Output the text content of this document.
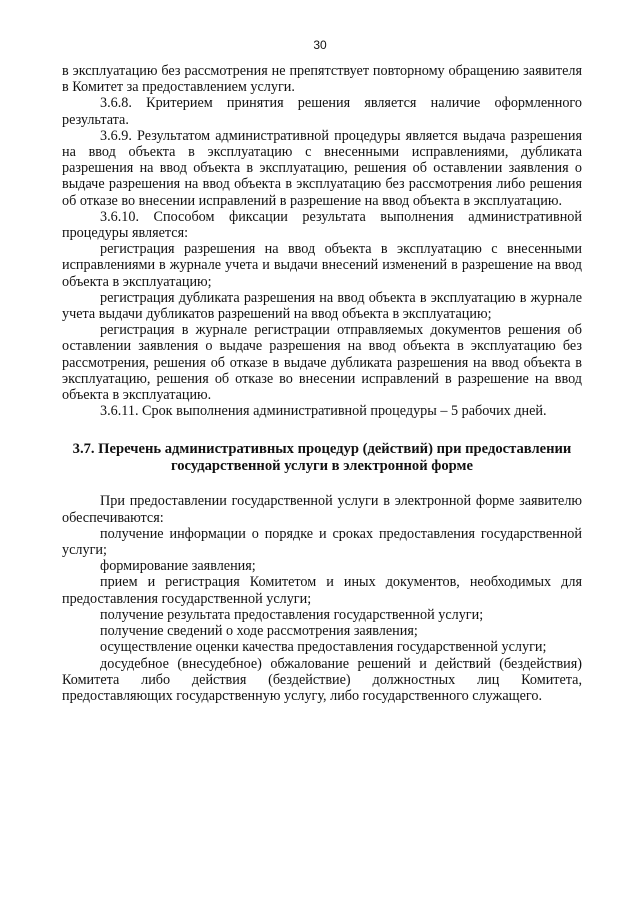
30

в эксплуатацию без рассмотрения не препятствует повторному обращению заявителя в Комитет за предоставлением услуги.

3.6.8. Критерием принятия решения является наличие оформленного результата.

3.6.9. Результатом административной процедуры является выдача разрешения на ввод объекта в эксплуатацию с внесенными исправлениями, дубликата разрешения на ввод объекта в эксплуатацию, решения об оставлении заявления о выдаче разрешения на ввод объекта в эксплуатацию без рассмотрения либо решения об отказе во внесении исправлений в разрешение на ввод объекта в эксплуатацию.

3.6.10. Способом фиксации результата выполнения административной процедуры является:

регистрация разрешения на ввод объекта в эксплуатацию с внесенными исправлениями в журнале учета и выдачи внесений изменений в разрешение на ввод объекта в эксплуатацию;

регистрация дубликата разрешения на ввод объекта в эксплуатацию в журнале учета выдачи дубликатов разрешений на ввод объекта в эксплуатацию;

регистрация в журнале регистрации отправляемых документов решения об оставлении заявления о выдаче разрешения на ввод объекта в эксплуатацию без рассмотрения, решения об отказе в выдаче дубликата разрешения на ввод объекта в эксплуатацию, решения об отказе во внесении исправлений в разрешение на ввод объекта в эксплуатацию.

3.6.11. Срок выполнения административной процедуры – 5 рабочих дней.

3.7. Перечень административных процедур (действий) при предоставлении государственной услуги в электронной форме

При предоставлении государственной услуги в электронной форме заявителю обеспечиваются:

получение информации о порядке и сроках предоставления государственной услуги;

формирование заявления;

прием и регистрация Комитетом и иных документов, необходимых для предоставления государственной услуги;

получение результата предоставления государственной услуги;

получение сведений о ходе рассмотрения заявления;

осуществление оценки качества предоставления государственной услуги;

досудебное (внесудебное) обжалование решений и действий (бездействия) Комитета либо действия (бездействие) должностных лиц Комитета, предоставляющих государственную услугу, либо государственного служащего.
